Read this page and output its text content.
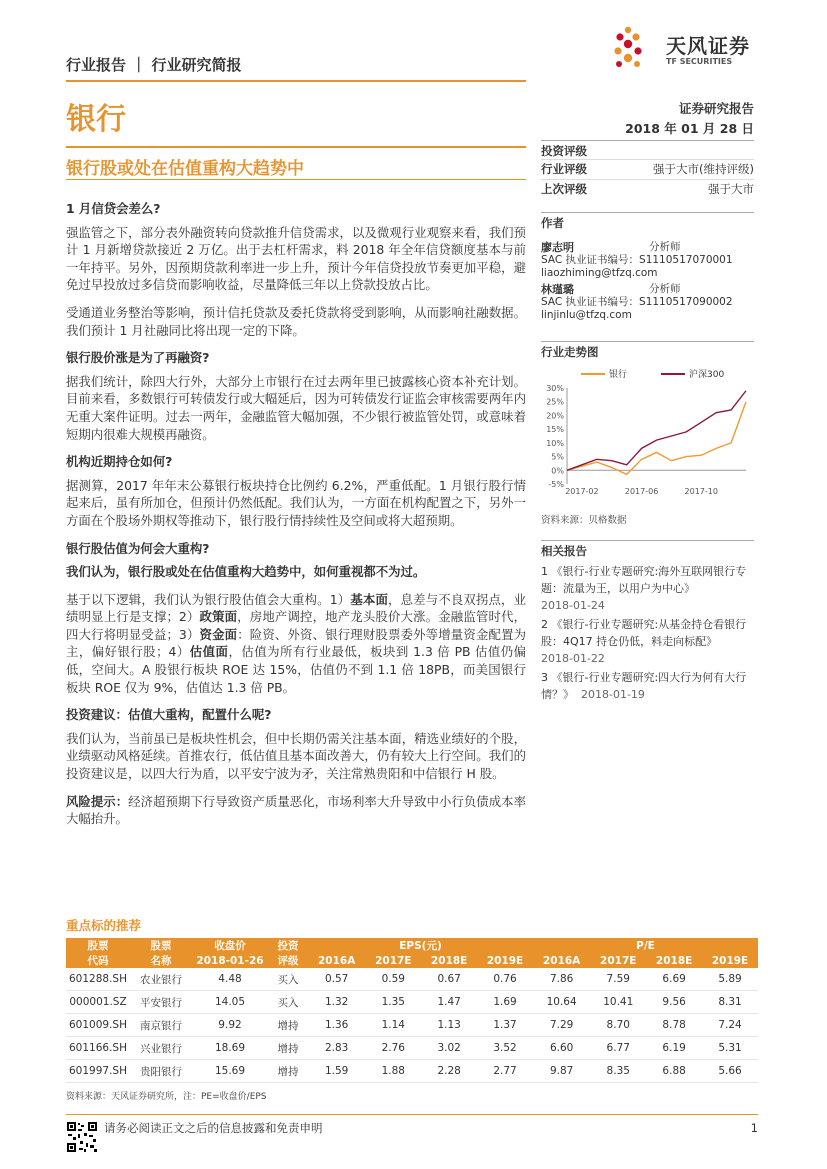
行业报告 ｜ 行业研究简报
天风证券
TF SECURITIES
银行	证券研究报告
2018 年 01 月 28 日
银行股或处在估值重构大趋势中
1 月信贷会差么?

强监管之下，部分表外融资转向贷款推升信贷需求，以及微观行业观察来看，我们预计 1 月新增贷款接近 2 万亿。出于去杠杆需求，料 2018 年全年信贷额度基本与前一年持平。另外，因预期贷款利率进一步上升，预计今年信贷投放节奏更加平稳，避免过早投放过多信贷而影响收益，尽量降低三年以上贷款投放占比。

受通道业务整治等影响，预计信托贷款及委托贷款将受到影响，从而影响社融数据。我们预计 1 月社融同比将出现一定的下降。

银行股价涨是为了再融资?

据我们统计，除四大行外，大部分上市银行在过去两年里已披露核心资本补充计划。目前来看，多数银行可转债发行或大幅延后，因为可转债发行证监会审核需要两年内无重大案件证明。过去一两年，金融监管大幅加强，不少银行被监管处罚，或意味着短期内很难大规模再融资。

机构近期持仓如何?

据测算，2017 年年末公募银行板块持仓比例约 6.2%，严重低配。1 月银行股行情起来后，虽有所加仓，但预计仍然低配。我们认为，一方面在机构配置之下，另外一方面在个股场外期权等推动下，银行股行情持续性及空间或将大超预期。

银行股估值为何会大重构?

我们认为，银行股或处在估值重构大趋势中，如何重视都不为过。

基于以下逻辑，我们认为银行股估值会大重构。1）基本面，息差与不良双拐点，业绩明显上行是支撑；2）政策面，房地产调控，地产龙头股价大涨。金融监管时代，四大行将明显受益；3）资金面：险资、外资、银行理财股票委外等增量资金配置为主，偏好银行股；4）估值面，估值为所有行业最低，板块到 1.3 倍 PB 估值仍偏低，空间大。A 股银行板块 ROE 达 15%，估值仍不到 1.1 倍 18PB，而美国银行板块 ROE 仅为 9%，估值达 1.3 倍 PB。

投资建议：估值大重构，配置什么呢?

我们认为，当前虽已是板块性机会，但中长期仍需关注基本面，精选业绩好的个股，业绩驱动风格延续。首推农行，低估值且基本面改善大，仍有较大上行空间。我们的投资建议是，以四大行为盾，以平安宁波为矛，关注常熟贵阳和中信银行 H 股。

风险提示：经济超预期下行导致资产质量恶化，市场利率大升导致中小行负债成本率大幅抬升。

投资评级
行业评级	强于大市(维持评级)
上次评级	强于大市
作者
廖志明	分析师
SAC 执业证书编号：S1110517070001
liaozhiming@tfzq.com
林瑾璐	分析师
SAC 执业证书编号：S1110517090002
linjinlu@tfzq.com
行业走势图
30%
25%
20%
15%
10%
5%
0%
-5%
2017-02	2017-06	2017-10
银行	沪深300
资料来源：贝格数据
相关报告
1 《银行-行业专题研究:海外互联网银行专题：流量为王，以用户为中心》
2018-01-24
2 《银行-行业专题研究:从基金持仓看银行股：4Q17 持仓仍低，料走向标配》
2018-01-22
3 《银行-行业专题研究:四大行为何有大行情？》 2018-01-19
重点标的推荐
股票	股票	收盘价	投资	EPS(元)				P/E			
代码	名称	2018-01-26	评级	2016A	2017E	2018E	2019E	2016A	2017E	2018E	2019E
601288.SH	农业银行	4.48	买入	0.57	0.59	0.67	0.76	7.86	7.59	6.69	5.89
000001.SZ	平安银行	14.05	买入	1.32	1.35	1.47	1.69	10.64	10.41	9.56	8.31
601009.SH	南京银行	9.92	增持	1.36	1.14	1.13	1.37	7.29	8.70	8.78	7.24
601166.SH	兴业银行	18.69	增持	2.83	2.76	3.02	3.52	6.60	6.77	6.19	5.31
601997.SH	贵阳银行	15.69	增持	1.59	1.88	2.28	2.77	9.87	8.35	6.88	5.66
资料来源：天风证券研究所，注：PE=收盘价/EPS
请务必阅读正文之后的信息披露和免责申明	1
